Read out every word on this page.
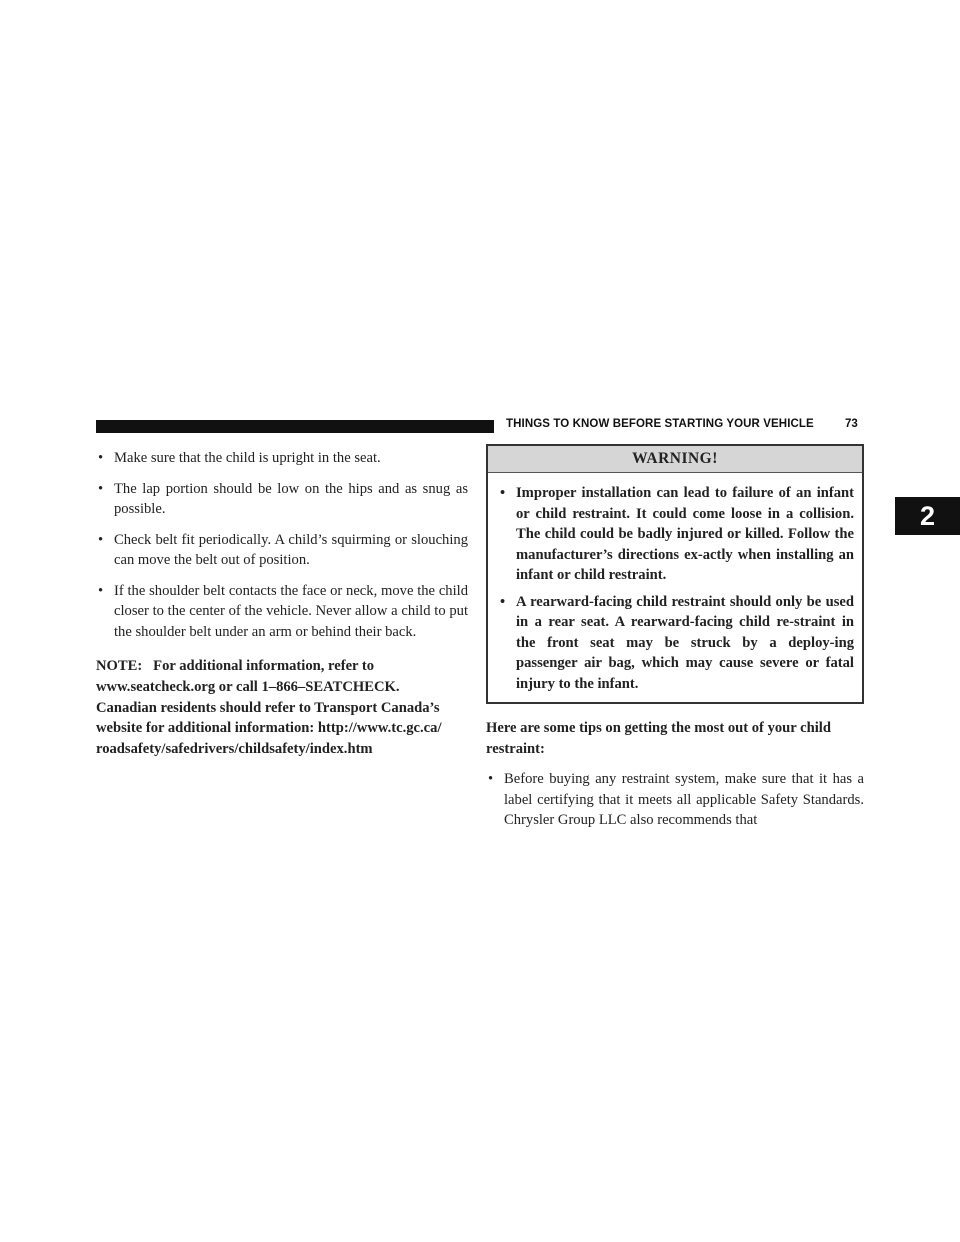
THINGS TO KNOW BEFORE STARTING YOUR VEHICLE	73
2
• Make sure that the child is upright in the seat.
• The lap portion should be low on the hips and as snug as possible.
• Check belt fit periodically. A child’s squirming or slouching can move the belt out of position.
• If the shoulder belt contacts the face or neck, move the child closer to the center of the vehicle. Never allow a child to put the shoulder belt under an arm or behind their back.
NOTE:   For additional information, refer to
www.seatcheck.org or call 1–866–SEATCHECK.
Canadian residents should refer to Transport Canada’s
website for additional information: http://www.tc.gc.ca/
roadsafety/safedrivers/childsafety/index.htm
WARNING!
• Improper installation can lead to failure of an infant or child restraint. It could come loose in a collision. The child could be badly injured or killed. Follow the manufacturer’s directions ex-actly when installing an infant or child restraint.
• A rearward-facing child restraint should only be used in a rear seat. A rearward-facing child re-straint in the front seat may be struck by a deploy-ing passenger air bag, which may cause severe or fatal injury to the infant.
Here are some tips on getting the most out of your child restraint:
• Before buying any restraint system, make sure that it has a label certifying that it meets all applicable Safety Standards. Chrysler Group LLC also recommends that
